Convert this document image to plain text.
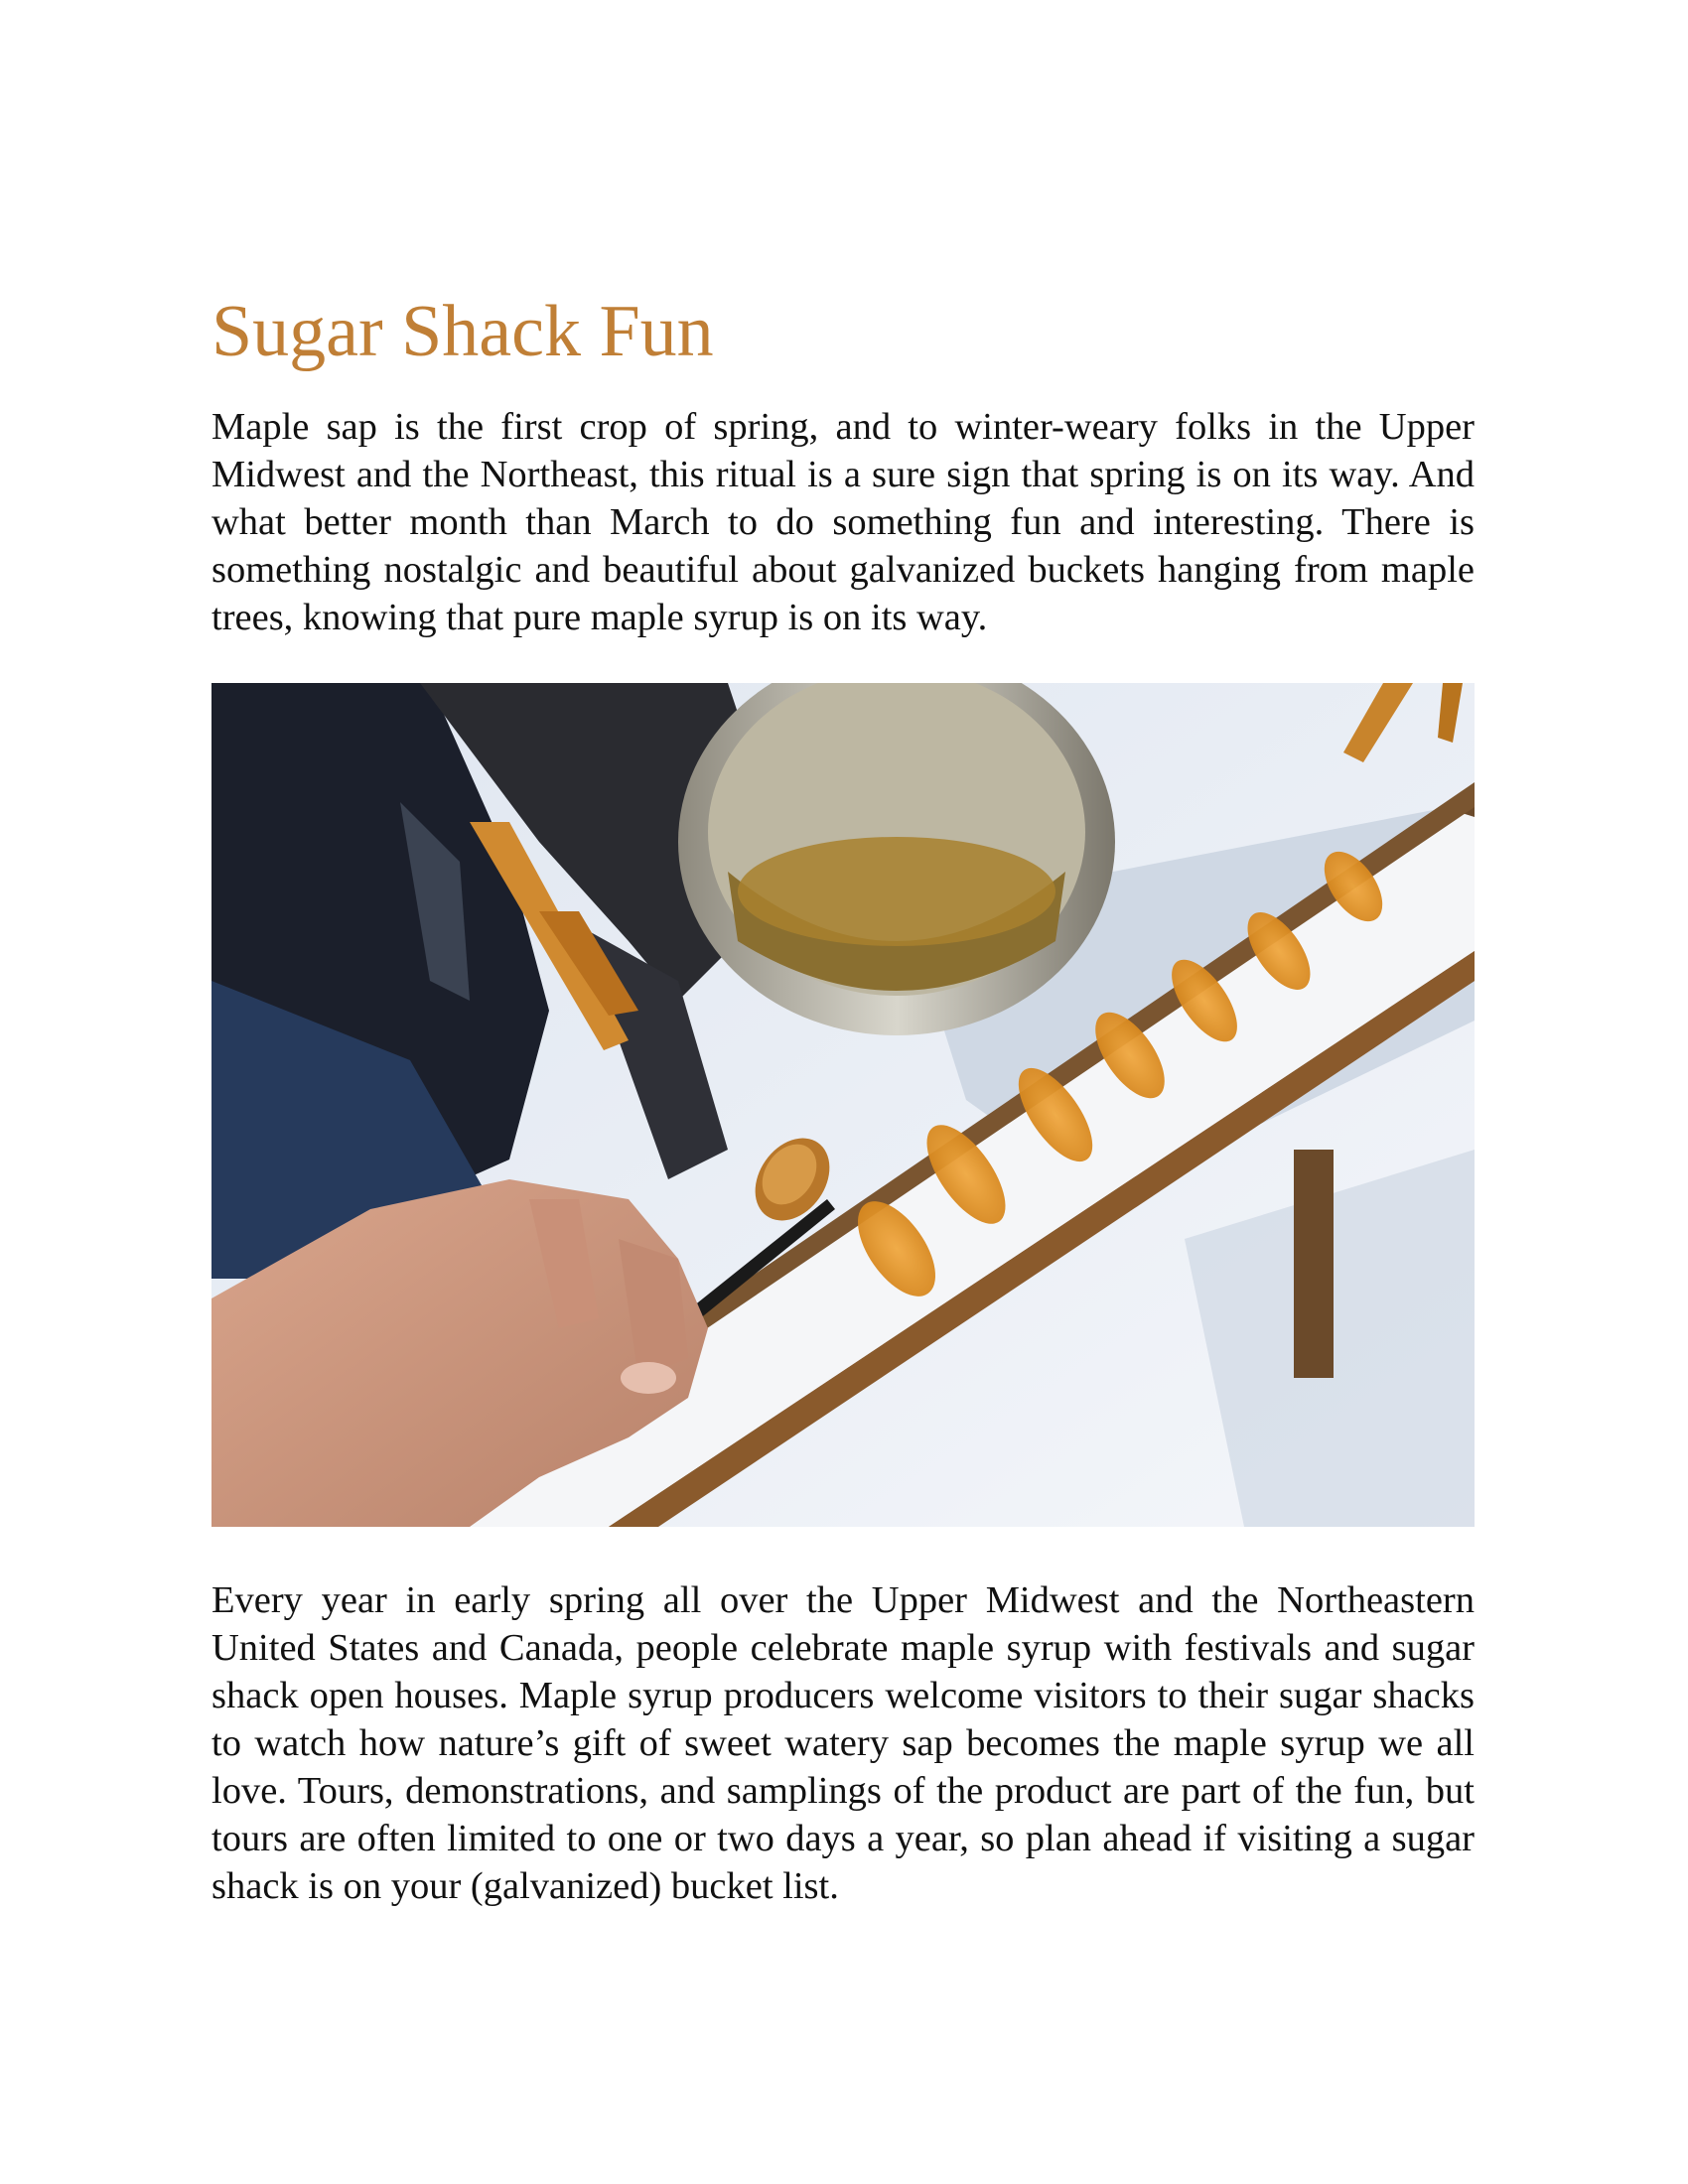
Sugar Shack Fun

Maple sap is the first crop of spring, and to winter-weary folks in the Upper Midwest and the Northeast, this ritual is a sure sign that spring is on its way. And what better month than March to do something fun and interesting. There is something nostalgic and beautiful about galvanized buckets hanging from maple trees, knowing that pure maple syrup is on its way.

Every year in early spring all over the Upper Midwest and the Northeastern United States and Canada, people celebrate maple syrup with festivals and sugar shack open houses. Maple syrup producers welcome visitors to their sugar shacks to watch how nature’s gift of sweet watery sap becomes the maple syrup we all love. Tours, demonstrations, and samplings of the product are part of the fun, but tours are often limited to one or two days a year, so plan ahead if visiting a sugar shack is on your (galvanized) bucket list.
